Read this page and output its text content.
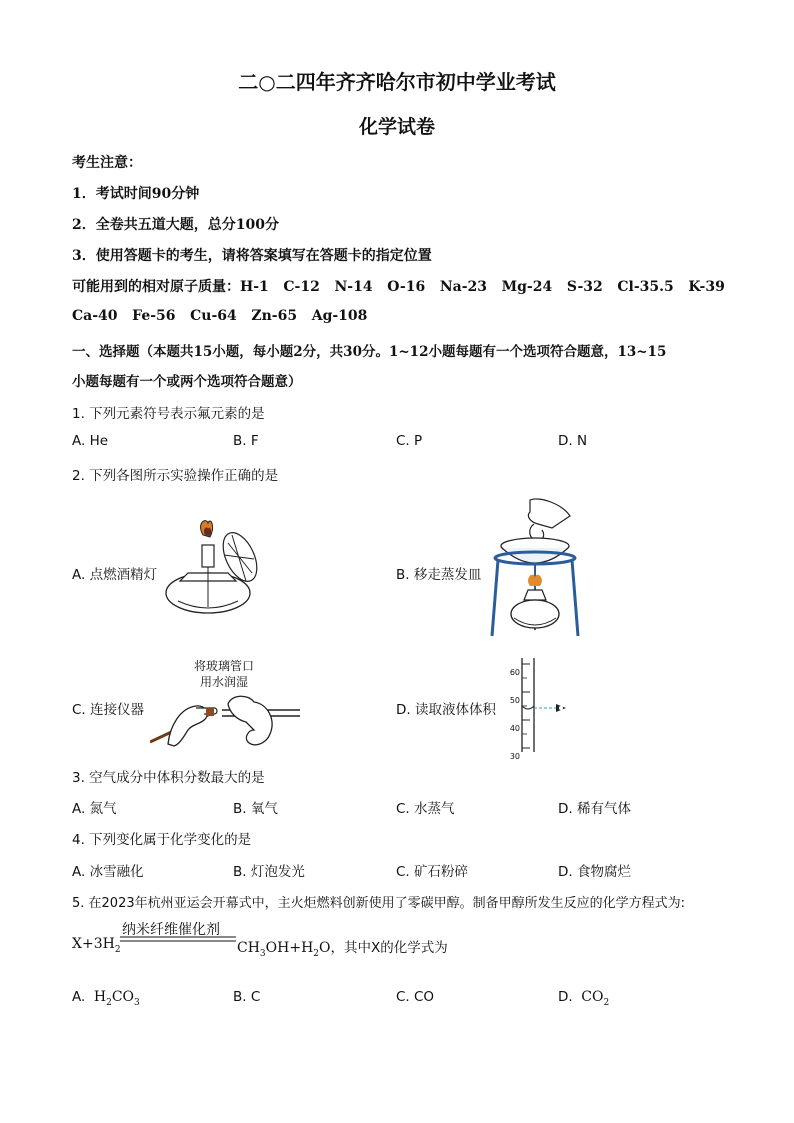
二○二四年齐齐哈尔市初中学业考试
化学试卷
考生注意：
1．考试时间90分钟
2．全卷共五道大题，总分100分
3．使用答题卡的考生，请将答案填写在答题卡的指定位置
可能用到的相对原子质量：H-1 C-12 N-14 O-16 Na-23 Mg-24 S-32 Cl-35.5 K-39
Ca-40 Fe-56 Cu-64 Zn-65 Ag-108
一、选择题（本题共15小题，每小题2分，共30分。1~12小题每题有一个选项符合题意，13~15
小题每题有一个或两个选项符合题意）
1. 下列元素符号表示氟元素的是
A. He	B. F	C. P	D. N
2. 下列各图所示实验操作正确的是
A. 点燃酒精灯	B. 移走蒸发皿
C. 连接仪器
将玻璃管口
用水润湿
D. 读取液体体积
60
50
40
30
3. 空气成分中体积分数最大的是
A. 氮气	B. 氧气	C. 水蒸气	D. 稀有气体
4. 下列变化属于化学变化的是
A. 冰雪融化	B. 灯泡发光	C. 矿石粉碎	D. 食物腐烂
5. 在2023年杭州亚运会开幕式中，主火炬燃料创新使用了零碳甲醇。制备甲醇所发生反应的化学方程式为:
纳米纤维催化剂
$X+3H_2$	$CH_3OH+H_2O$，其中X的化学式为
A. $H_2CO_3$	B. C	C. CO	D. $CO_2$
